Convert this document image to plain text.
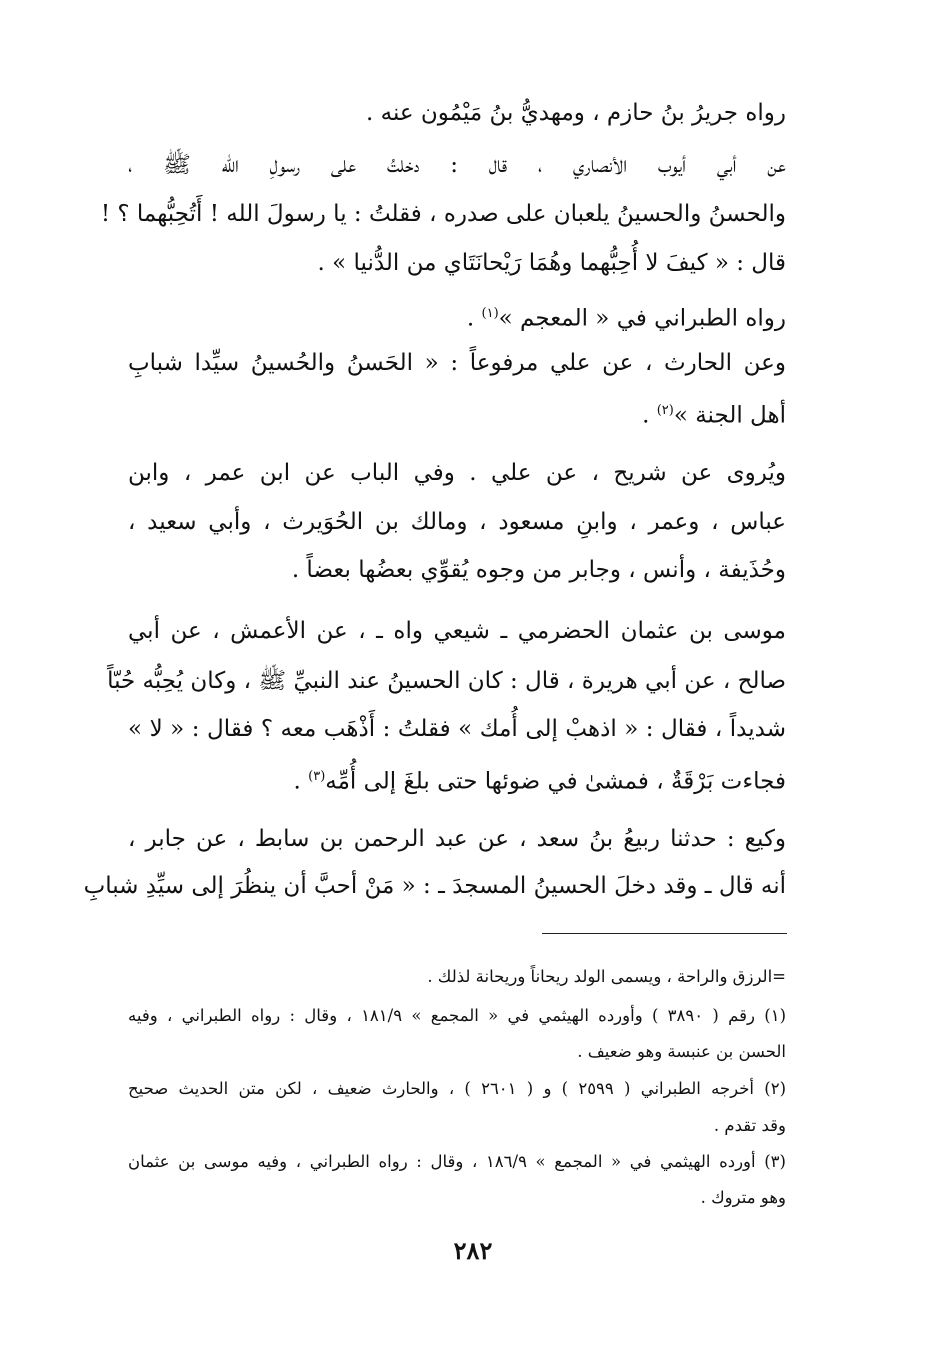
رواه جريرُ بنُ حازم ، ومهديُّ بنُ مَيْمُون عنه .
عن أبي أيوب الأنصاري ، قال : دخلتُ على رسولِ الله ﷺ ،
والحسنُ والحسينُ يلعبان على صدره ، فقلتُ : يا رسولَ الله ! أَتُحِبُّهما ؟ !
قال : « كيفَ لا أُحِبُّهما وهُمَا رَيْحانَتَاي من الدُّنيا » .
رواه الطبراني في « المعجم »$^{(١)}$ .
وعن الحارث ، عن علي مرفوعاً : « الحَسنُ والحُسينُ سيِّدا شبابِ
أهل الجنة »$^{(٢)}$ .
ويُروى عن شريح ، عن علي . وفي الباب عن ابن عمر ، وابن
عباس ، وعمر ، وابنِ مسعود ، ومالك بن الحُوَيرث ، وأبي سعيد ،
وحُذَيفة ، وأنس ، وجابر من وجوه يُقوِّي بعضُها بعضاً .
موسى بن عثمان الحضرمي ـ شيعي واه ـ ، عن الأعمش ، عن أبي
صالح ، عن أبي هريرة ، قال : كان الحسينُ عند النبيِّ ﷺ ، وكان يُحِبُّه حُبّاً
شديداً ، فقال : « اذهبْ إلى أُمك » فقلتُ : أَذْهَب معه ؟ فقال : « لا »
فجاءت بَرْقَةٌ ، فمشىٰ في ضوئها حتى بلغَ إلى أُمِّه$^{(٣)}$ .
وكيع : حدثنا ربيعُ بنُ سعد ، عن عبد الرحمن بن سابط ، عن جابر ،
أنه قال ـ وقد دخلَ الحسينُ المسجدَ ـ : « مَنْ أحبَّ أن ينظُرَ إلى سيِّدِ شبابِ
=الرزق والراحة ، ويسمى الولد ريحاناً وريحانة لذلك .
(١) رقم ( ٣٨٩٠ ) وأورده الهيثمي في « المجمع » ١٨١/٩ ، وقال : رواه الطبراني ، وفيه
الحسن بن عنبسة وهو ضعيف .
(٢) أخرجه الطبراني ( ٢٥٩٩ ) و ( ٢٦٠١ ) ، والحارث ضعيف ، لكن متن الحديث صحيح
وقد تقدم .
(٣) أورده الهيثمي في « المجمع » ١٨٦/٩ ، وقال : رواه الطبراني ، وفيه موسى بن عثمان
وهو متروك .
٢٨٢
